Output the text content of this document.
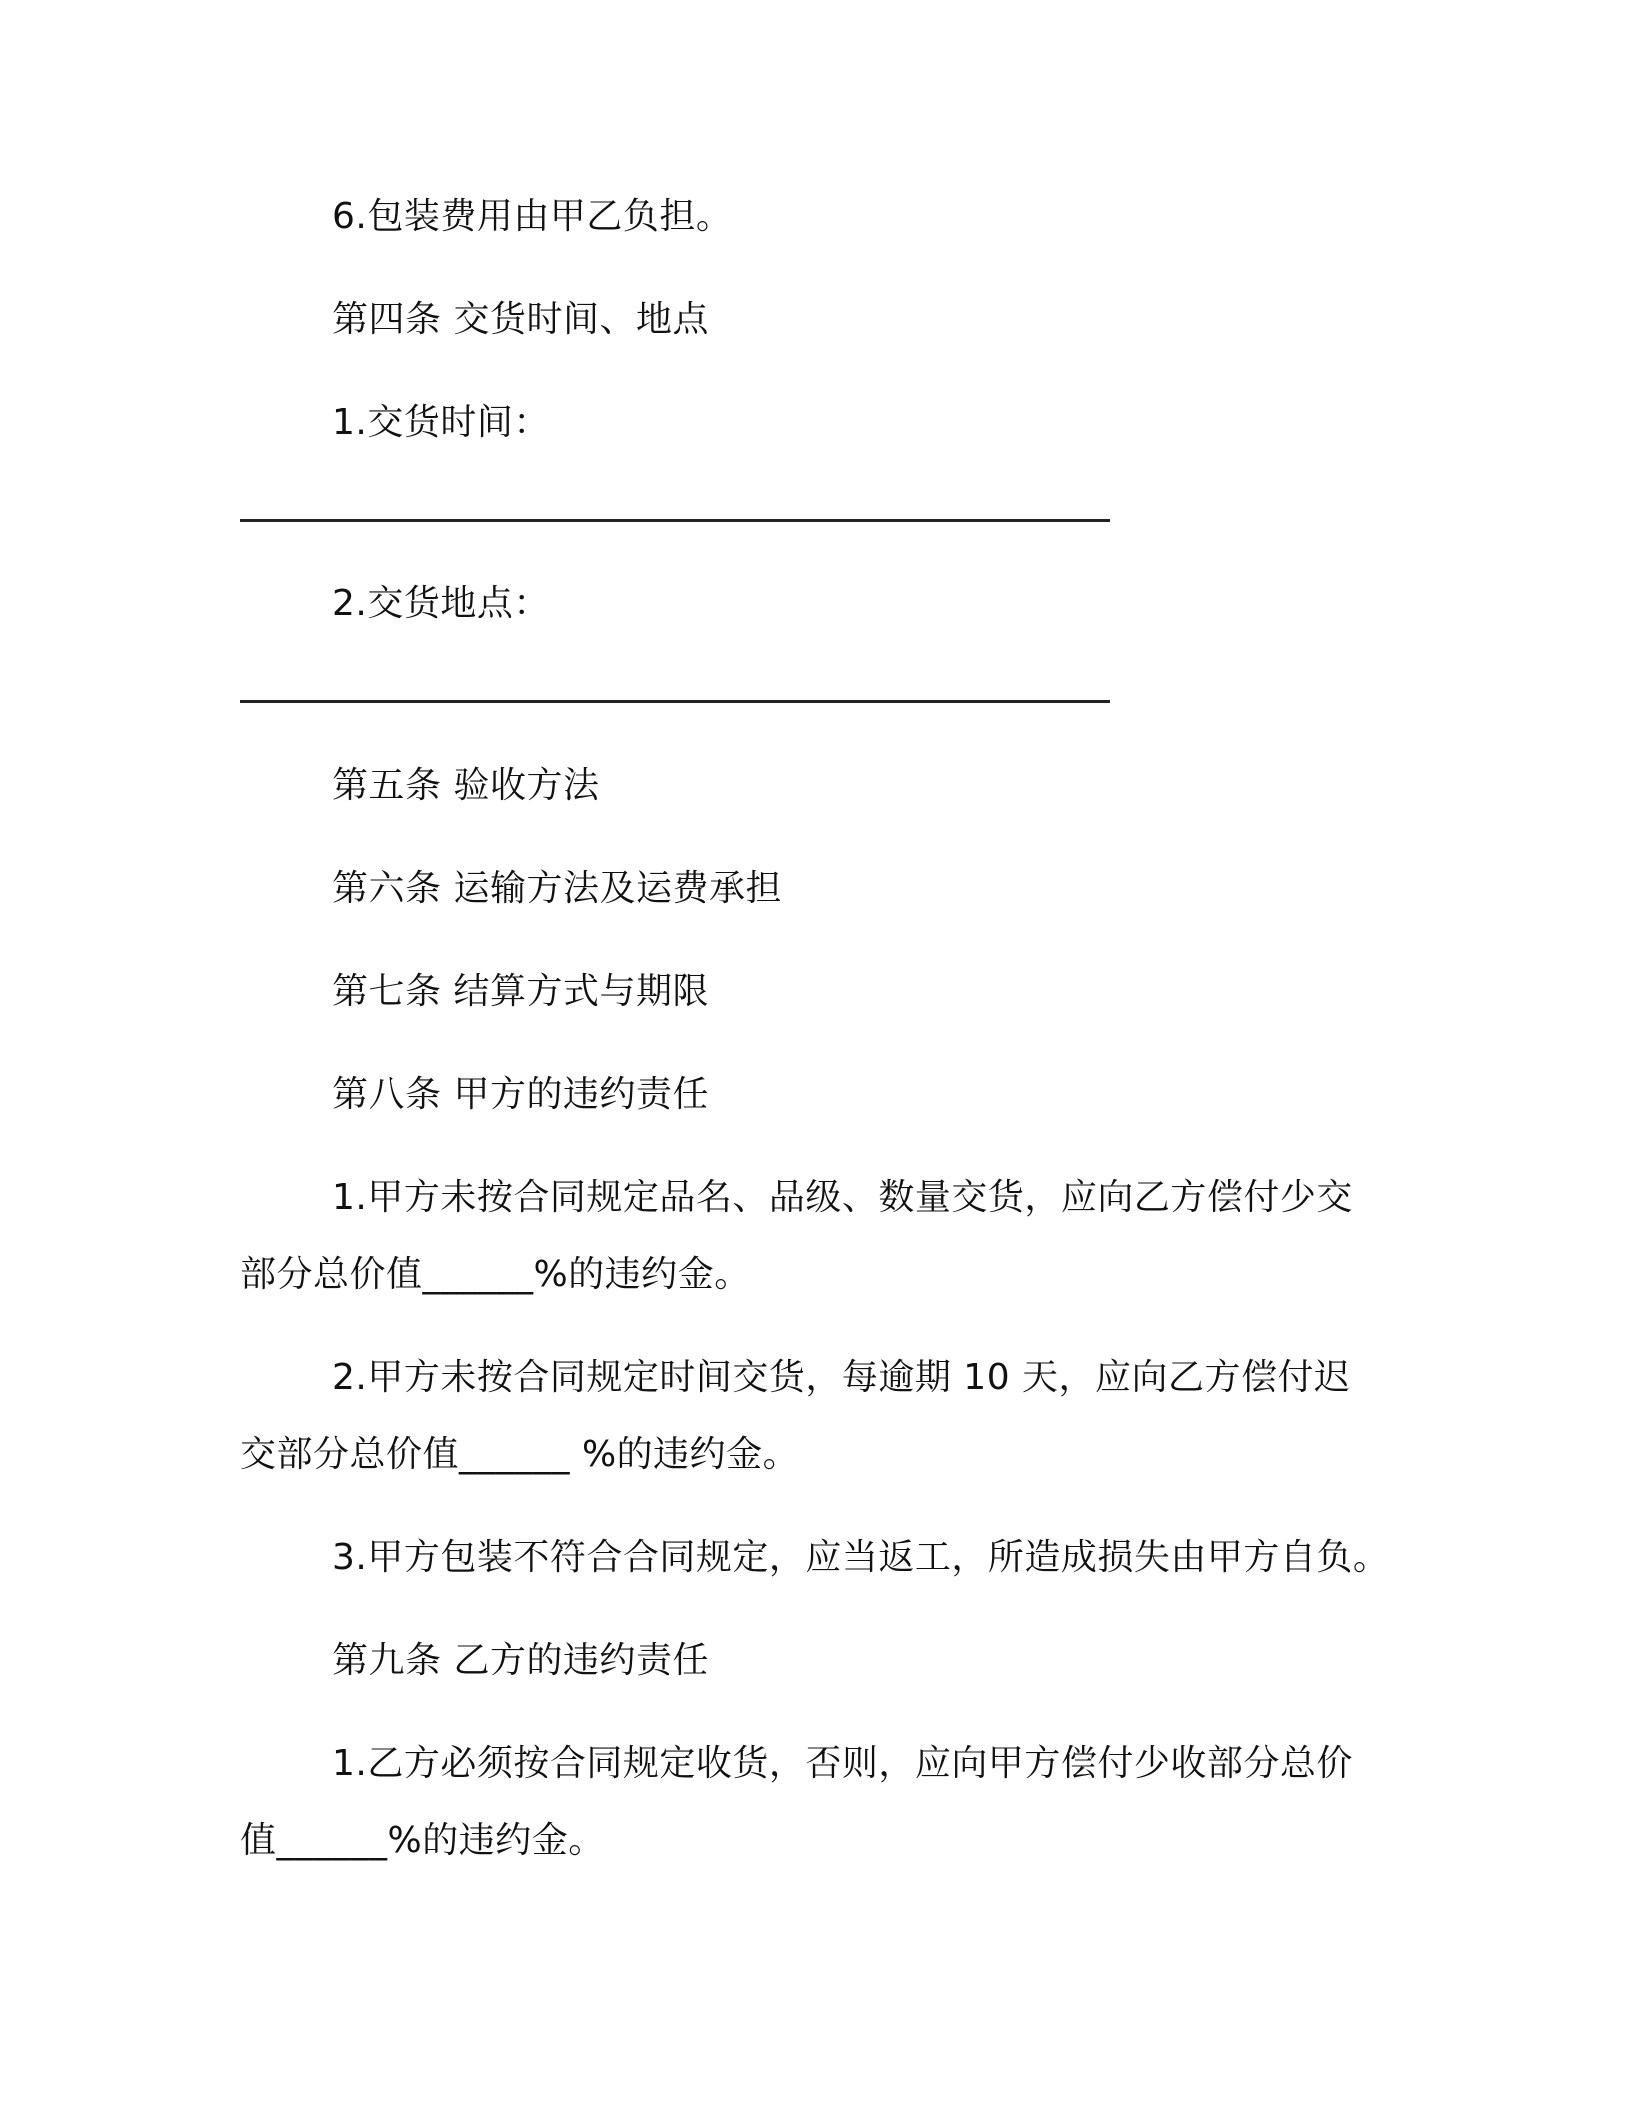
6.包装费用由甲乙负担。

第四条 交货时间、地点

1.交货时间：

2.交货地点：

第五条 验收方法

第六条 运输方法及运费承担

第七条 结算方式与期限

第八条 甲方的违约责任

1.甲方未按合同规定品名、品级、数量交货，应向乙方偿付少交

部分总价值______%的违约金。

2.甲方未按合同规定时间交货，每逾期 10 天，应向乙方偿付迟

交部分总价值______ %的违约金。

3.甲方包装不符合合同规定，应当返工，所造成损失由甲方自负。

第九条 乙方的违约责任

1.乙方必须按合同规定收货，否则，应向甲方偿付少收部分总价

值______%的违约金。
